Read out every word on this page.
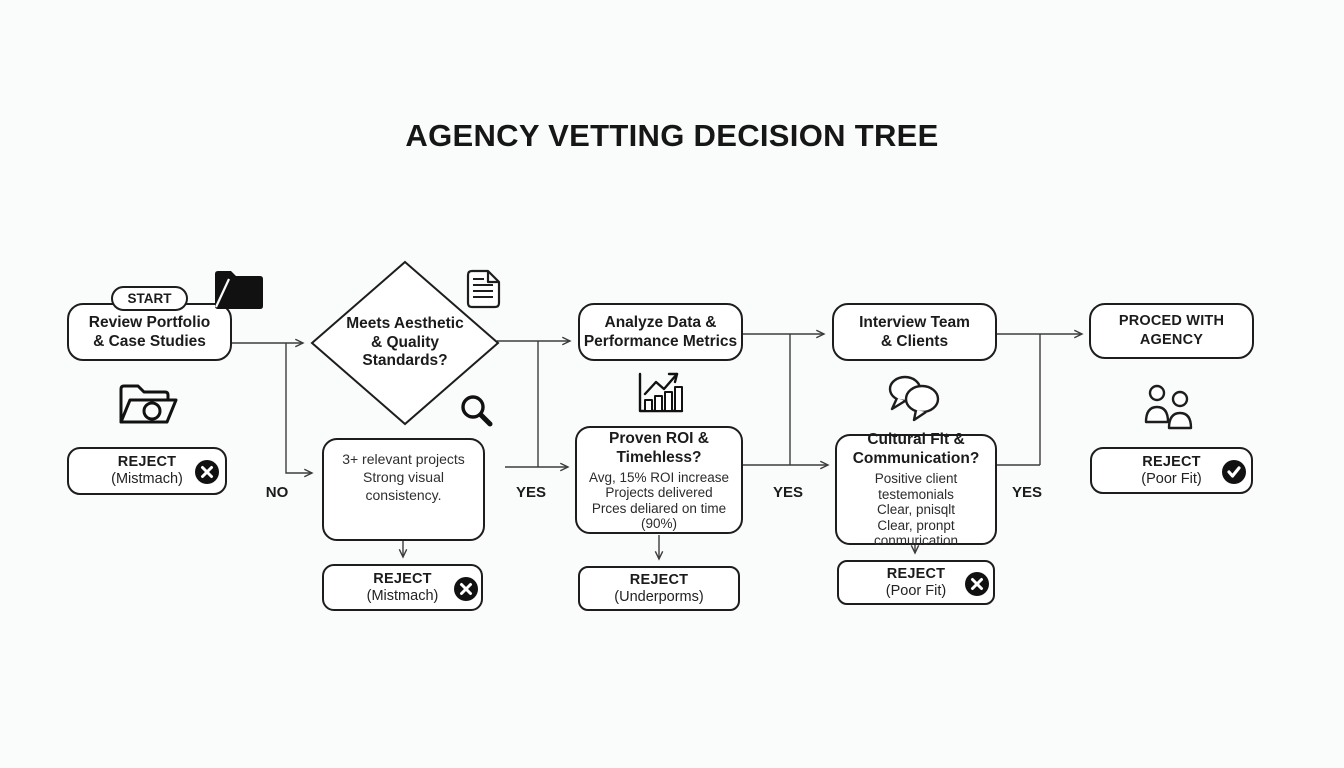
AGENCY VETTING DECISION TREE
START
Review Portfolio
& Case Studies
REJECT
(Mistmach)
Meets Aesthetic
& Quality
Standards?
3+ relevant projects
Strong visual consistency.
REJECT
(Mistmach)
Analyze Data &
Performance Metrics
Proven ROI &
Timehless?
Avg, 15% ROI increase
Projects delivered
Prces deliared on time (90%)
REJECT
(Underporms)
Interview Team
& Clients
Cultural Fit &
Communication?
Positive client testemonials
Clear, pnisqlt
Clear, pronpt conmurication
REJECT
(Poor Fit)
PROCED WITH AGENCY
REJECT
(Poor Fit)
NO	YES	YES	YES
